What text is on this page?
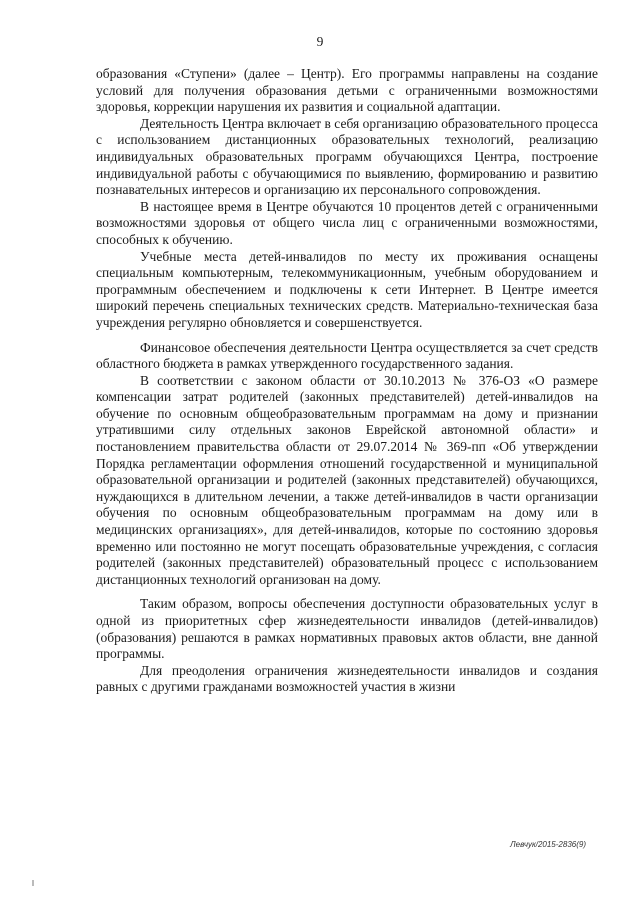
9

образования «Ступени» (далее – Центр). Его программы направлены на создание условий для получения образования детьми с ограниченными возможностями здоровья, коррекции нарушения их развития и социальной адаптации.

Деятельность Центра включает в себя организацию образовательного процесса с использованием дистанционных образовательных технологий, реализацию индивидуальных образовательных программ обучающихся Центра, построение индивидуальной работы с обучающимися по выявлению, формированию и развитию познавательных интересов и организацию их персонального сопровождения.

В настоящее время в Центре обучаются 10 процентов детей с ограниченными возможностями здоровья от общего числа лиц с ограниченными возможностями, способных к обучению.

Учебные места детей-инвалидов по месту их проживания оснащены специальным компьютерным, телекоммуникационным, учебным оборудованием и программным обеспечением и подключены к сети Интернет. В Центре имеется широкий перечень специальных технических средств. Материально-техническая база учреждения регулярно обновляется и совершенствуется.

Финансовое обеспечения деятельности Центра осуществляется за счет средств областного бюджета в рамках утвержденного государственного задания.

В соответствии с законом области от 30.10.2013 № 376-ОЗ «О размере компенсации затрат родителей (законных представителей) детей-инвалидов на обучение по основным общеобразовательным программам на дому и признании утратившими силу отдельных законов Еврейской автономной области» и постановлением правительства области от 29.07.2014 № 369-пп «Об утверждении Порядка регламентации оформления отношений государственной и муниципальной образовательной организации и родителей (законных представителей) обучающихся, нуждающихся в длительном лечении, а также детей-инвалидов в части организации обучения по основным общеобразовательным программам на дому или в медицинских организациях», для детей-инвалидов, которые по состоянию здоровья временно или постоянно не могут посещать образовательные учреждения, с согласия родителей (законных представителей) образовательный процесс с использованием дистанционных технологий организован на дому.

Таким образом, вопросы обеспечения доступности образовательных услуг в одной из приоритетных сфер жизнедеятельности инвалидов (детей-инвалидов) (образования) решаются в рамках нормативных правовых актов области, вне данной программы.

Для преодоления ограничения жизнедеятельности инвалидов и создания равных с другими гражданами возможностей участия в жизни

Левчук/2015-2836(9)
